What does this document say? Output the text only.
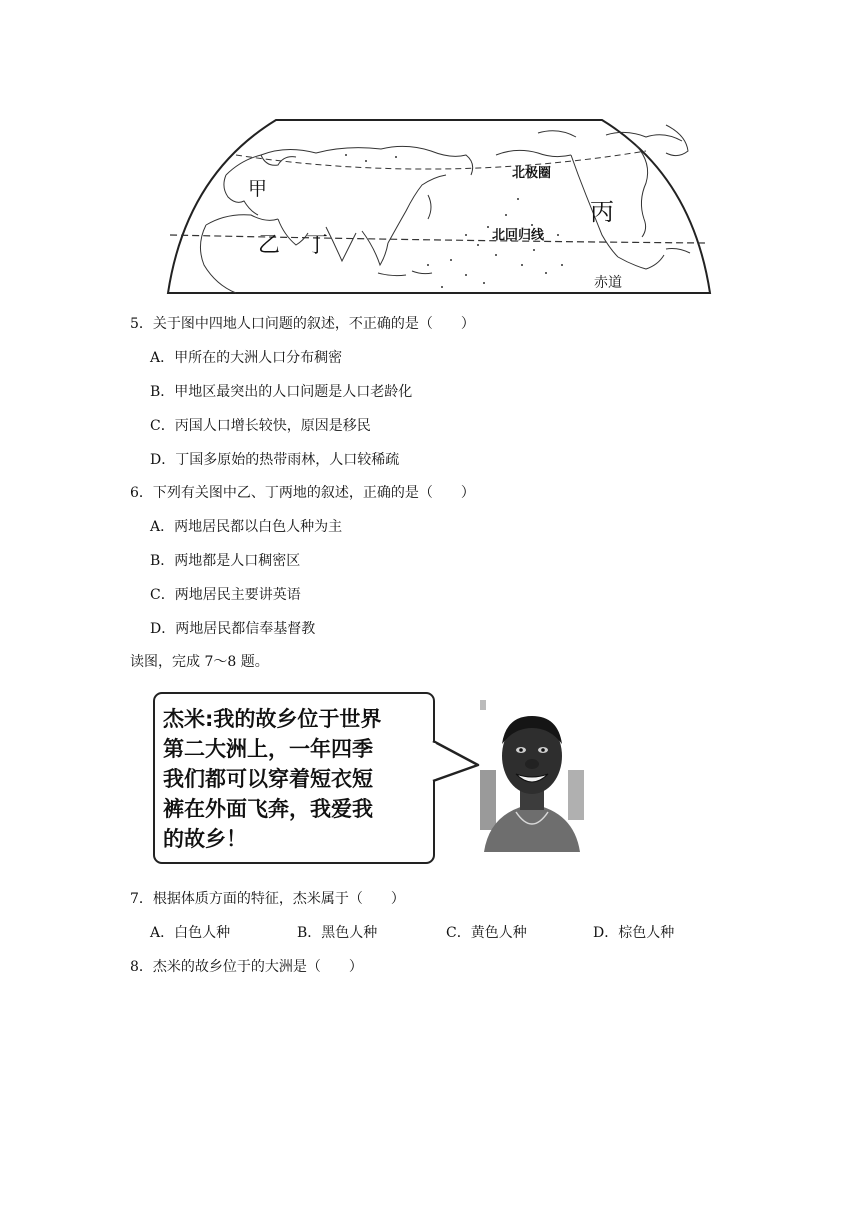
甲
乙 丁
丙
北极圈
北回归线
赤道
5．关于图中四地人口问题的叙述，不正确的是（　　）
A．甲所在的大洲人口分布稠密
B．甲地区最突出的人口问题是人口老龄化
C．丙国人口增长较快，原因是移民
D．丁国多原始的热带雨林，人口较稀疏
6．下列有关图中乙、丁两地的叙述，正确的是（　　）
A．两地居民都以白色人种为主
B．两地都是人口稠密区
C．两地居民主要讲英语
D．两地居民都信奉基督教
读图，完成 7～8 题。
杰米:我的故乡位于世界
第二大洲上，一年四季
我们都可以穿着短衣短
裤在外面飞奔，我爱我
的故乡！
7．根据体质方面的特征，杰米属于（　　）
A．白色人种	B．黑色人种	C．黄色人种	D．棕色人种
8．杰米的故乡位于的大洲是（　　）
